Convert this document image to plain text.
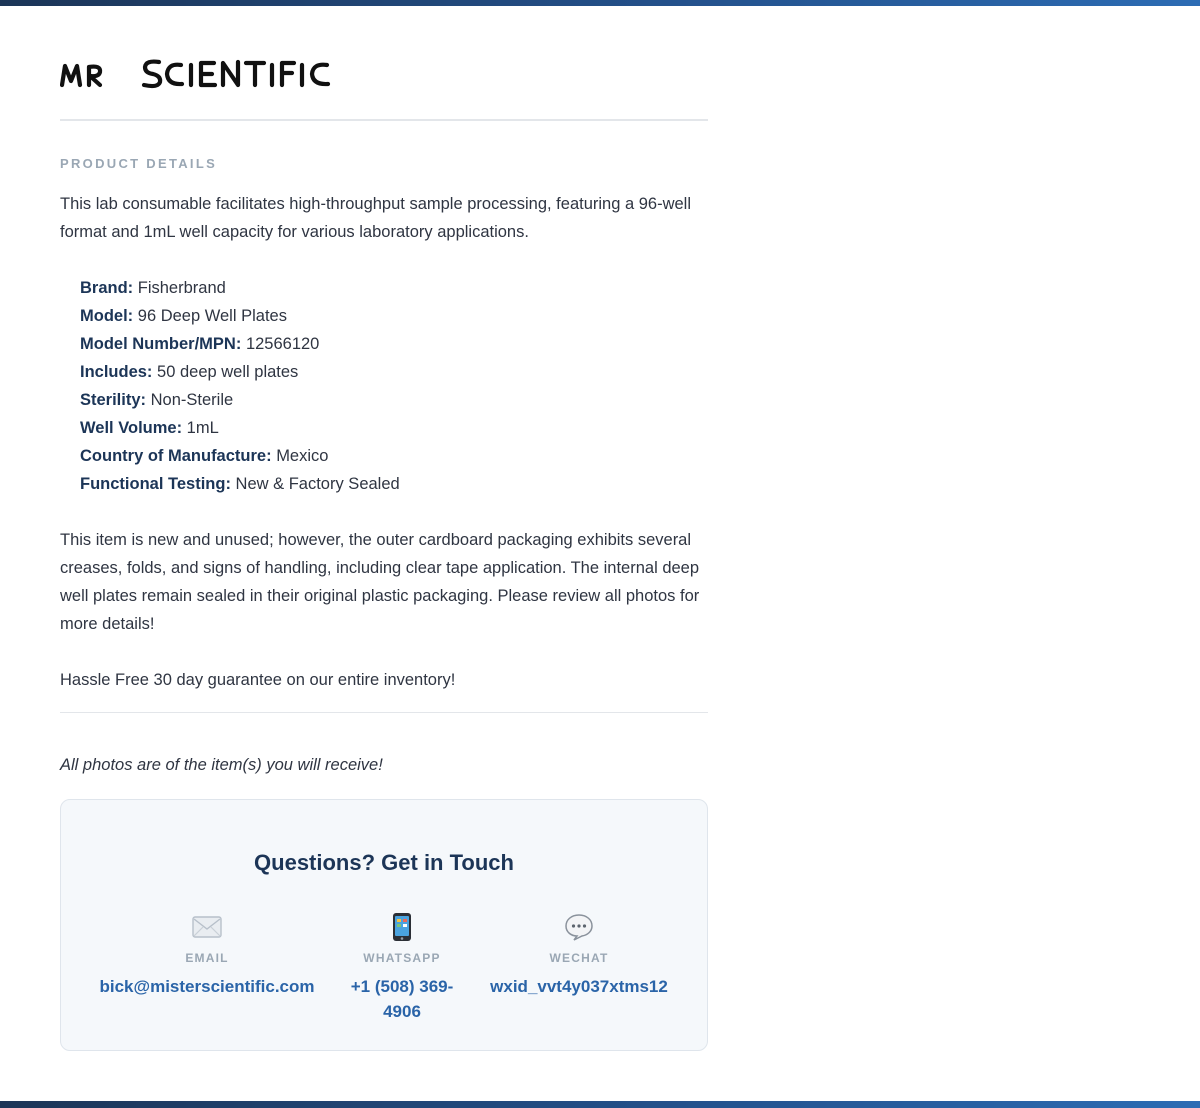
PRODUCT DETAILS

This lab consumable facilitates high-throughput sample processing, featuring a 96-well format and 1mL well capacity for various laboratory applications.

Brand: Fisherbrand
Model: 96 Deep Well Plates
Model Number/MPN: 12566120
Includes: 50 deep well plates
Sterility: Non-Sterile
Well Volume: 1mL
Country of Manufacture: Mexico
Functional Testing: New & Factory Sealed

This item is new and unused; however, the outer cardboard packaging exhibits several creases, folds, and signs of handling, including clear tape application. The internal deep well plates remain sealed in their original plastic packaging. Please review all photos for more details!

Hassle Free 30 day guarantee on our entire inventory!

All photos are of the item(s) you will receive!

Questions? Get in Touch
EMAIL
bick@misterscientific.com
WHATSAPP
+1 (508) 369-4906
WECHAT
wxid_vvt4y037xtms12
